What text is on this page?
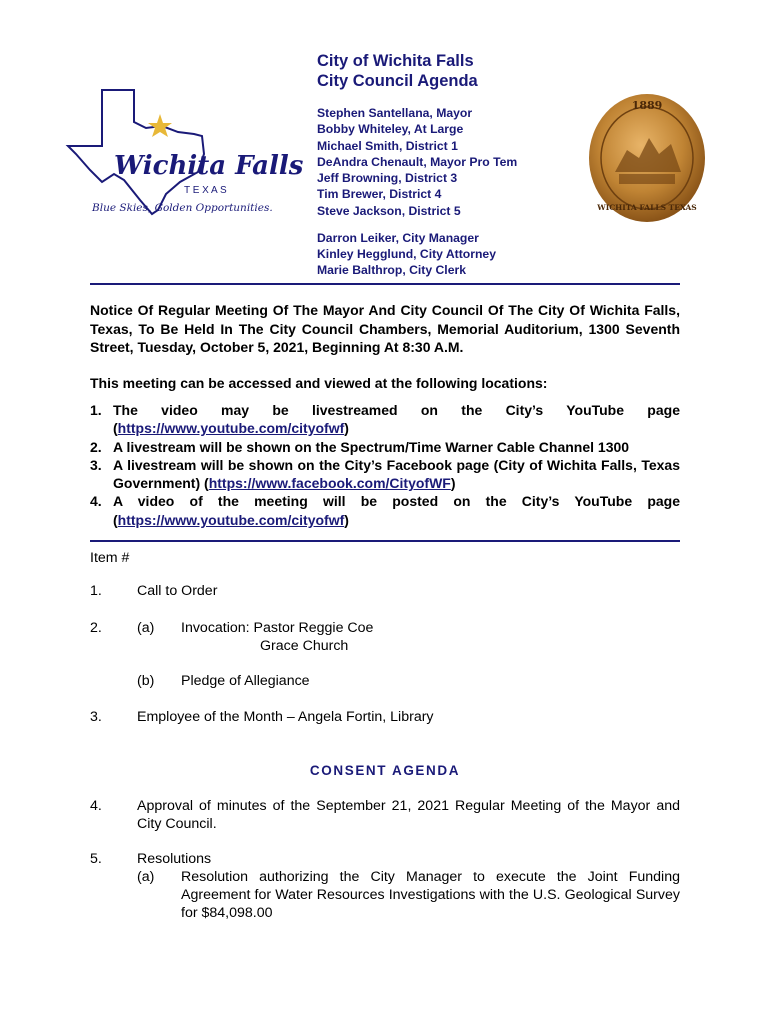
Wichita Falls
T E X A S
Blue Skies, Golden Opportunities.
1889
WICHITA FALLS TEXAS
City of Wichita Falls
City Council Agenda
Stephen Santellana, Mayor
Bobby Whiteley, At Large
Michael Smith, District 1
DeAndra Chenault, Mayor Pro Tem
Jeff Browning, District 3
Tim Brewer, District 4
Steve Jackson, District 5
Darron Leiker, City Manager
Kinley Hegglund, City Attorney
Marie Balthrop, City Clerk
Notice Of Regular Meeting Of The Mayor And City Council Of The City Of Wichita Falls, Texas, To Be Held In The City Council Chambers, Memorial Auditorium, 1300 Seventh Street, Tuesday, October 5, 2021, Beginning At 8:30 A.M.
This meeting can be accessed and viewed at the following locations:
1. The video may be livestreamed on the City’s YouTube page
(https://www.youtube.com/cityofwf)
2. A livestream will be shown on the Spectrum/Time Warner Cable Channel 1300
3. A livestream will be shown on the City’s Facebook page (City of Wichita Falls, Texas Government) (https://www.facebook.com/CityofWF)
4. A video of the meeting will be posted on the City’s YouTube page
(https://www.youtube.com/cityofwf)
Item #
1. Call to Order
2. (a) Invocation: Pastor Reggie Coe
Grace Church
(b) Pledge of Allegiance
3. Employee of the Month – Angela Fortin, Library
CONSENT AGENDA
4. Approval of minutes of the September 21, 2021 Regular Meeting of the Mayor and City Council.
5. Resolutions
(a) Resolution authorizing the City Manager to execute the Joint Funding Agreement for Water Resources Investigations with the U.S. Geological Survey for $84,098.00
